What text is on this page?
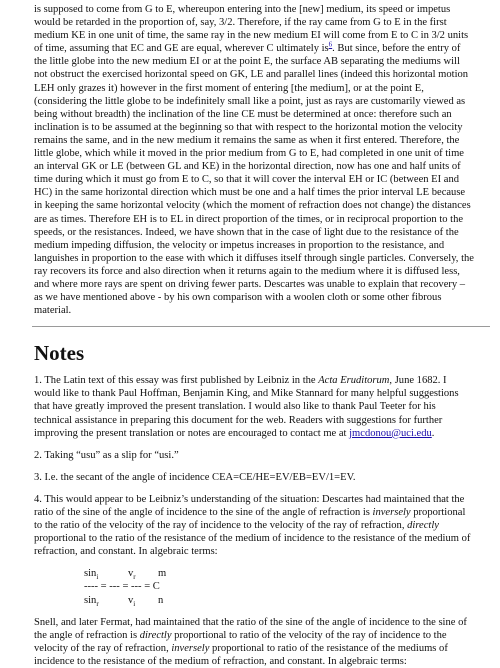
is supposed to come from G to E, whereupon entering into the [new] medium, its speed or impetus would be retarded in the proportion of, say, 3/2. Therefore, if the ray came from G to E in the first medium KE in one unit of time, the same ray in the new medium EI will come from E to C in 3/2 units of time, assuming that EC and GE are equal, wherever C ultimately $is^6$. But since, before the entry of the little globe into the new medium EI or at the point E, the surface AB separating the mediums will not obstruct the exercised horizontal speed on GK, LE and parallel lines (indeed this horizontal motion LEH only grazes it) however in the first moment of entering [the medium], or at the point E, (considering the little globe to be indefinitely small like a point, just as rays are customarily viewed as being without breadth) the inclination of the line CE must be determined at once: therefore such an inclination is to be assumed at the beginning so that with respect to the horizontal motion the velocity remains the same, and in the new medium it remains the same as when it first entered. Therefore, the little globe, which while it moved in the prior medium from G to E, had completed in one unit of time an interval GK or LE (between GL and KE) in the horizontal direction, now has one and half units of time during which it must go from E to C, so that it will cover the interval EH or IC (between EI and HC) in the same horizontal direction which must be one and a half times the prior interval LE because in keeping the same horizontal velocity (which the moment of refraction does not change) the distances are as times. Therefore EH is to EL in direct proportion of the times, or in reciprocal proportion to the speeds, or the resistances. Indeed, we have shown that in the case of light due to the resistance of the medium impeding diffusion, the velocity or impetus increases in proportion to the resistance, and languishes in proportion to the ease with which it diffuses itself through single particles. Conversely, the ray recovers its force and also direction when it returns again to the medium where it is diffused less, and where more rays are spent on driving fewer parts. Descartes was unable to explain that recovery – as we have mentioned above - by his own comparison with a woolen cloth or some other fibrous material.

Notes

1. The Latin text of this essay was first published by Leibniz in the Acta Eruditorum, June 1682. I would like to thank Paul Hoffman, Benjamin King, and Mike Stannard for many helpful suggestions that have greatly improved the present translation. I would also like to thank Paul Teeter for his technical assistance in preparing this document for the web. Readers with suggestions for further improving the present translation or notes are encouraged to contact me at jmcdonou@uci.edu.

2. Taking “usu” as a slip for “usi.”

3. I.e. the secant of the angle of incidence CEA=CE/HE=EV/EB=EV/1=EV.

4. This would appear to be Leibniz’s understanding of the situation: Descartes had maintained that the ratio of the sine of the angle of incidence to the sine of the angle of refraction is inversely proportional to the ratio of the velocity of the ray of incidence to the velocity of the ray of refraction, directly proportional to the ratio of the resistance of the medium of incidence to the resistance of the medium of refraction, and constant. In algebraic terms:

$\sin_i$	$v_r$	m
---- = --- = --- = C
$\sin_r$	$v_i$	n

Snell, and later Fermat, had maintained that the ratio of the sine of the angle of incidence to the sine of the angle of refraction is directly proportional to ratio of the velocity of the ray of incidence to the velocity of the ray of refraction, inversely proportional to ratio of the resistance of the mediums of incidence to the resistance of the medium of refraction, and constant. In algebraic terms:
